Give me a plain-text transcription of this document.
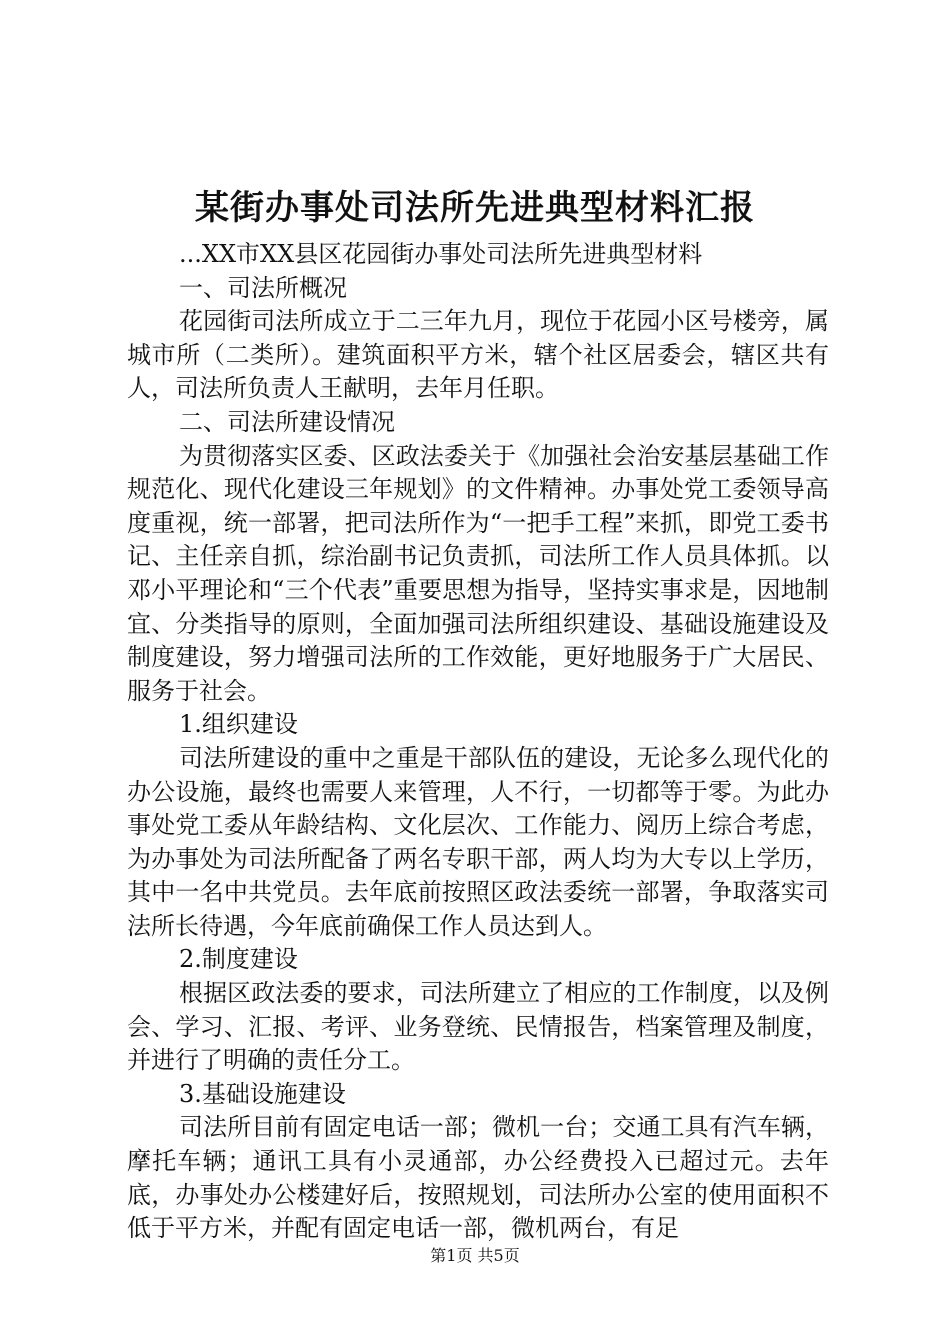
某街办事处司法所先进典型材料汇报

...XX市XX县区花园街办事处司法所先进典型材料

一、司法所概况

花园街司法所成立于二三年九月，现位于花园小区号楼旁，属城市所（二类所）。建筑面积平方米，辖个社区居委会，辖区共有人，司法所负责人王献明，去年月任职。

二、司法所建设情况

为贯彻落实区委、区政法委关于《加强社会治安基层基础工作规范化、现代化建设三年规划》的文件精神。办事处党工委领导高度重视，统一部署，把司法所作为“一把手工程”来抓，即党工委书记、主任亲自抓，综治副书记负责抓，司法所工作人员具体抓。以邓小平理论和“三个代表”重要思想为指导，坚持实事求是，因地制宜、分类指导的原则，全面加强司法所组织建设、基础设施建设及制度建设，努力增强司法所的工作效能，更好地服务于广大居民、服务于社会。

1.组织建设

司法所建设的重中之重是干部队伍的建设，无论多么现代化的办公设施，最终也需要人来管理，人不行，一切都等于零。为此办事处党工委从年龄结构、文化层次、工作能力、阅历上综合考虑，为办事处为司法所配备了两名专职干部，两人均为大专以上学历，其中一名中共党员。去年底前按照区政法委统一部署，争取落实司法所长待遇，今年底前确保工作人员达到人。

2.制度建设

根据区政法委的要求，司法所建立了相应的工作制度，以及例会、学习、汇报、考评、业务登统、民情报告，档案管理及制度，并进行了明确的责任分工。

3.基础设施建设

司法所目前有固定电话一部；微机一台；交通工具有汽车辆，摩托车辆；通讯工具有小灵通部，办公经费投入已超过元。去年底，办事处办公楼建好后，按照规划，司法所办公室的使用面积不低于平方米，并配有固定电话一部，微机两台，有足

第1页 共5页
